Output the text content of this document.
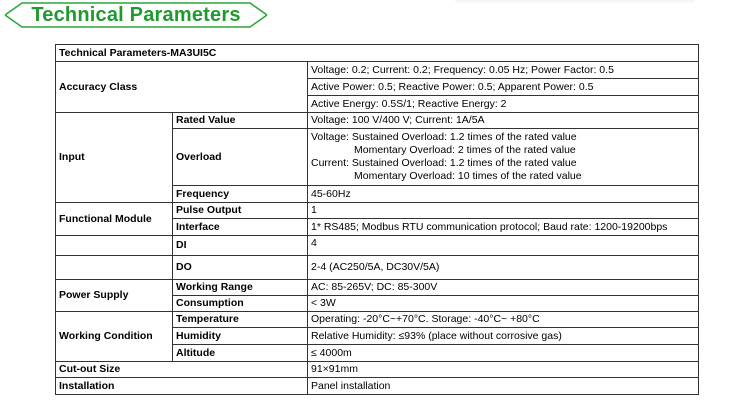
Technical Parameters
Technical Parameters-MA3UI5C		
Accuracy Class		Voltage: 0.2; Current: 0.2; Frequency: 0.05 Hz; Power Factor: 0.5
		Active Power: 0.5; Reactive Power: 0.5; Apparent Power: 0.5
		Active Energy: 0.5S/1; Reactive Energy: 2
Input	Rated Value	Voltage: 100 V/400 V; Current: 1A/5A
	Overload	Voltage: Sustained Overload: 1.2 times of the rated value
Momentary Overload: 2 times of the rated value
Current: Sustained Overload: 1.2 times of the rated value
Momentary Overload: 10 times of the rated value

	Frequency	45-60Hz
Functional Module	Pulse Output	1
	Interface	1* RS485; Modbus RTU communication protocol; Baud rate: 1200-19200bps
	DI	4
	DO	2-4 (AC250/5A, DC30V/5A)
Power Supply	Working Range	AC: 85-265V; DC: 85-300V
	Consumption	< 3W
Working Condition	Temperature	Operating: -20°C~+70°C. Storage: -40°C~ +80°C
	Humidity	Relative Humidity: ≤93% (place without corrosive gas)
	Altitude	≤ 4000m
Cut-out Size		91×91mm
Installation		Panel installation
